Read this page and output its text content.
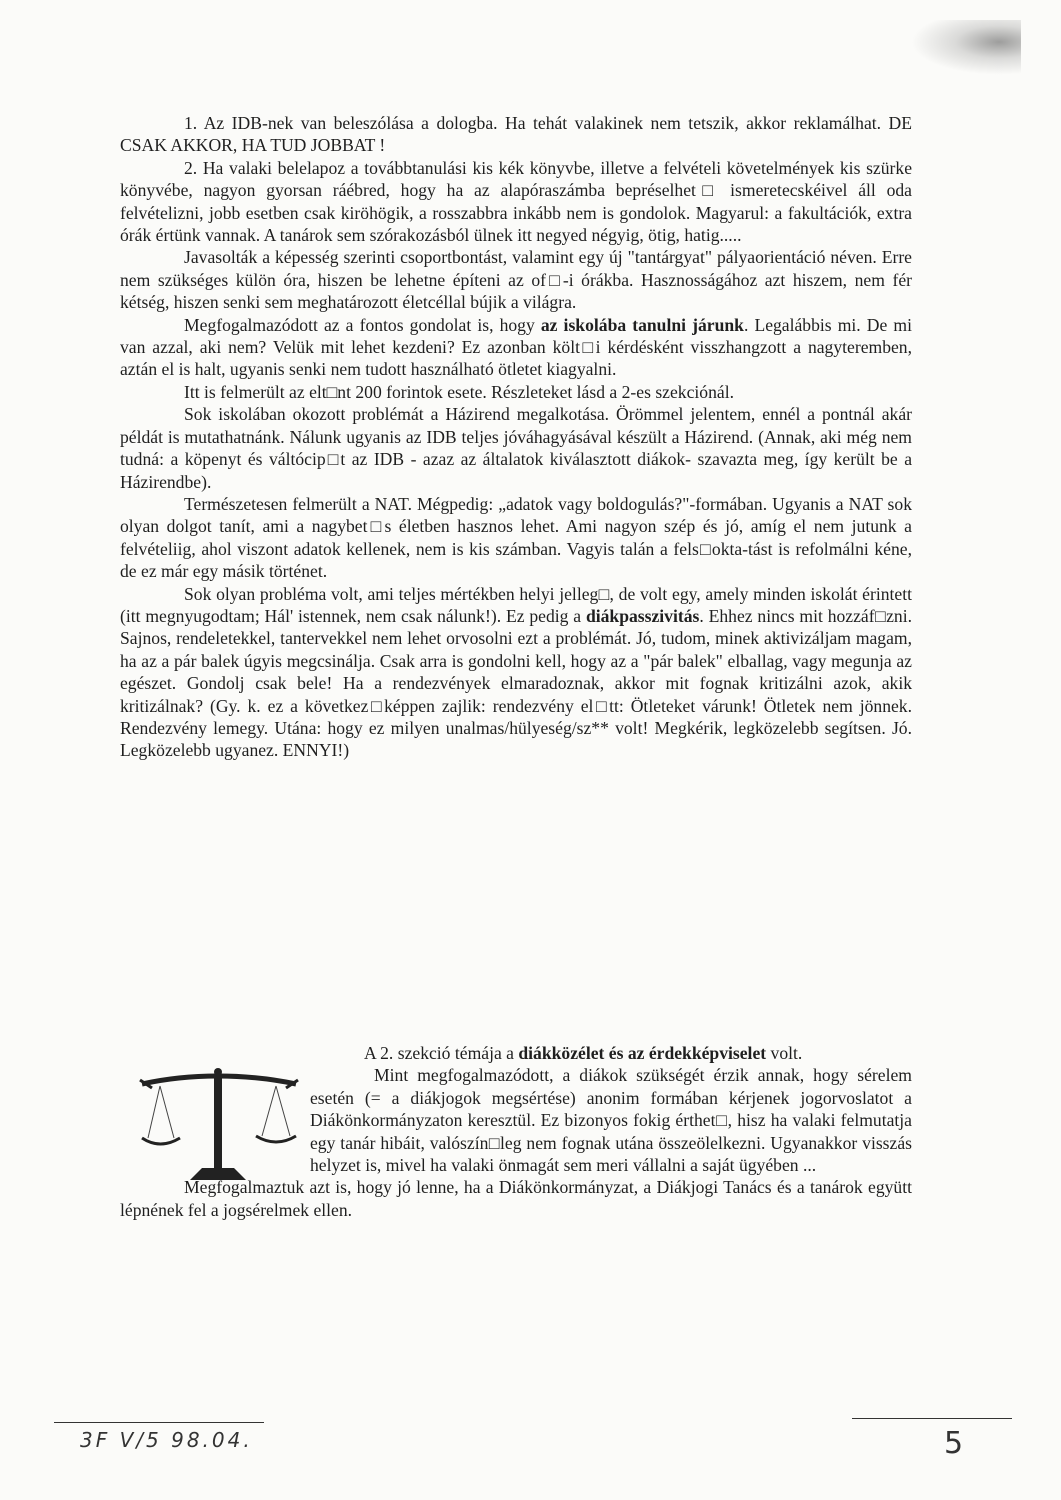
1. Az IDB-nek van beleszólása a dologba. Ha tehát valakinek nem tetszik, akkor reklamálhat. DE CSAK AKKOR, HA TUD JOBBAT !

2. Ha valaki belelapoz a továbbtanulási kis kék könyvbe, illetve a felvételi követelmények kis szürke könyvébe, nagyon gyorsan ráébred, hogy ha az alapóraszámba bepréselhet□ ismeretecskéivel áll oda felvételizni, jobb esetben csak kiröhögik, a rosszabbra inkább nem is gondolok. Magyarul: a fakultációk, extra órák értünk vannak. A tanárok sem szórakozásból ülnek itt negyed négyig, ötig, hatig.....

Javasolták a képesség szerinti csoportbontást, valamint egy új "tantárgyat" pályaorientáció néven. Erre nem szükséges külön óra, hiszen be lehetne építeni az of□-i órákba. Hasznosságához azt hiszem, nem fér kétség, hiszen senki sem meghatározott életcéllal bújik a világra.

Megfogalmazódott az a fontos gondolat is, hogy az iskolába tanulni járunk. Legalábbis mi. De mi van azzal, aki nem? Velük mit lehet kezdeni? Ez azonban költ□i kérdésként visszhangzott a nagyteremben, aztán el is halt, ugyanis senki nem tudott használható ötletet kiagyalni.

Itt is felmerült az elt□nt 200 forintok esete. Részleteket lásd a 2-es szekciónál.

Sok iskolában okozott problémát a Házirend megalkotása. Örömmel jelentem, ennél a pontnál akár példát is mutathatnánk. Nálunk ugyanis az IDB teljes jóváhagyásával készült a Házirend. (Annak, aki még nem tudná: a köpenyt és váltócip□t az IDB - azaz az általatok kiválasztott diákok- szavazta meg, így került be a Házirendbe).

Természetesen felmerült a NAT. Mégpedig: „adatok vagy boldogulás?"-formában. Ugyanis a NAT sok olyan dolgot tanít, ami a nagybet□s életben hasznos lehet. Ami nagyon szép és jó, amíg el nem jutunk a felvételiig, ahol viszont adatok kellenek, nem is kis számban. Vagyis talán a fels□okta-tást is refolmálni kéne, de ez már egy másik történet.

Sok olyan probléma volt, ami teljes mértékben helyi jelleg□, de volt egy, amely minden iskolát érintett (itt megnyugodtam; Hál' istennek, nem csak nálunk!). Ez pedig a diákpasszivitás. Ehhez nincs mit hozzáf□zni. Sajnos, rendeletekkel, tantervekkel nem lehet orvosolni ezt a problémát. Jó, tudom, minek aktivizáljam magam, ha az a pár balek úgyis megcsinálja. Csak arra is gondolni kell, hogy az a "pár balek" elballag, vagy megunja az egészet. Gondolj csak bele! Ha a rendezvények elmaradoznak, akkor mit fognak kritizálni azok, akik kritizálnak? (Gy. k. ez a következ□képpen zajlik: rendezvény el□tt: Ötleteket várunk! Ötletek nem jönnek. Rendezvény lemegy. Utána: hogy ez milyen unalmas/hülyeség/sz** volt! Megkérik, legközelebb segítsen. Jó. Legközelebb ugyanez. ENNYI!)

A 2. szekció témája a diákközélet és az érdekképviselet volt.

Mint megfogalmazódott, a diákok szükségét érzik annak, hogy sérelem esetén (= a diákjogok megsértése) anonim formában kérjenek jogorvoslatot a Diákönkormányzaton keresztül. Ez bizonyos fokig érthet□, hisz ha valaki felmutatja egy tanár hibáit, valószín□leg nem fognak utána összeölelkezni. Ugyanakkor visszás helyzet is, mivel ha valaki önmagát sem meri vállalni a saját ügyében ...

Megfogalmaztuk azt is, hogy jó lenne, ha a Diákönkormányzat, a Diákjogi Tanács és a tanárok együtt lépnének fel a jogsérelmek ellen.

3F V/5 98.04.	5
